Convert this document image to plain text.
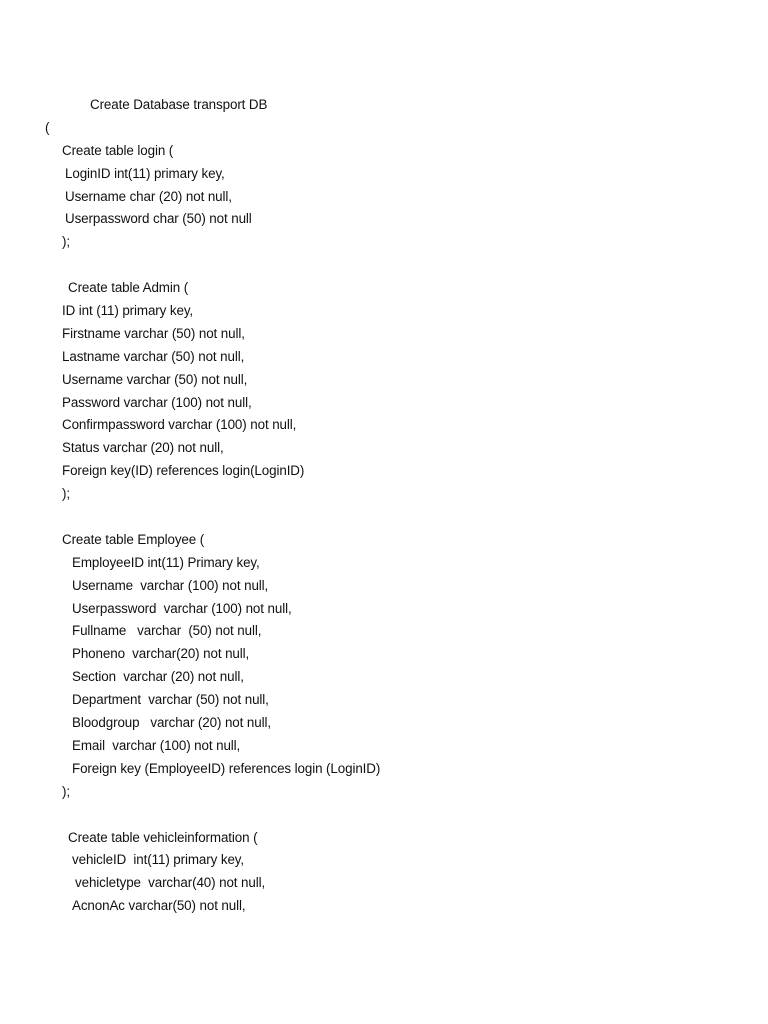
Create Database transport DB
(
Create table login (
LoginID int(11) primary key,
Username char (20) not null,
Userpassword char (50) not null
);
Create table Admin (
ID int (11) primary key,
Firstname varchar (50) not null,
Lastname varchar (50) not null,
Username varchar (50) not null,
Password varchar (100) not null,
Confirmpassword varchar (100) not null,
Status varchar (20) not null,
Foreign key(ID) references login(LoginID)
);
Create table Employee (
EmployeeID int(11) Primary key,
Username  varchar (100) not null,
Userpassword  varchar (100) not null,
Fullname   varchar  (50) not null,
Phoneno  varchar(20) not null,
Section  varchar (20) not null,
Department  varchar (50) not null,
Bloodgroup   varchar (20) not null,
Email  varchar (100) not null,
Foreign key (EmployeeID) references login (LoginID)
);
Create table vehicleinformation (
vehicleID  int(11) primary key,
vehicletype  varchar(40) not null,
AcnonAc varchar(50) not null,
